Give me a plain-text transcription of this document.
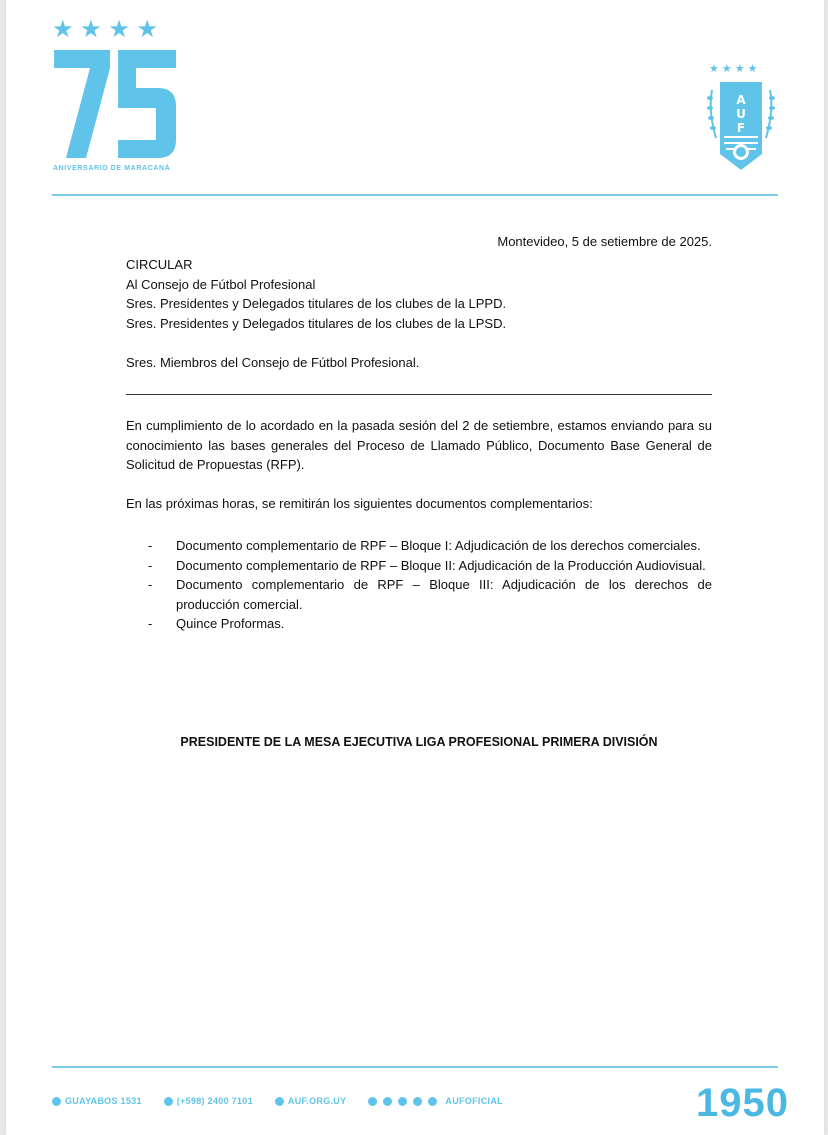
★ ★ ★ ★
ANIVERSARIO DE MARACANÁ
★★★★
A
U
F
Montevideo, 5 de setiembre de 2025.
CIRCULAR
Al Consejo de Fútbol Profesional
Sres. Presidentes y Delegados titulares de los clubes de la LPPD.
Sres. Presidentes y Delegados titulares de los clubes de la LPSD.
Sres. Miembros del Consejo de Fútbol Profesional.
En cumplimiento de lo acordado en la pasada sesión del 2 de setiembre, estamos enviando para su conocimiento las bases generales del Proceso de Llamado Público, Documento Base General de Solicitud de Propuestas (RFP).
En las próximas horas, se remitirán los siguientes documentos complementarios:
- Documento complementario de RPF – Bloque I: Adjudicación de los derechos comerciales.
- Documento complementario de RPF – Bloque II: Adjudicación de la Producción Audiovisual.
- Documento complementario de RPF – Bloque III: Adjudicación de los derechos de producción comercial.
- Quince Proformas.
PRESIDENTE DE LA MESA EJECUTIVA LIGA PROFESIONAL PRIMERA DIVISIÓN
GUAYABOS 1531	(+598) 2400 7101	AUF.ORG.UY	AUFOFICIAL	1950
